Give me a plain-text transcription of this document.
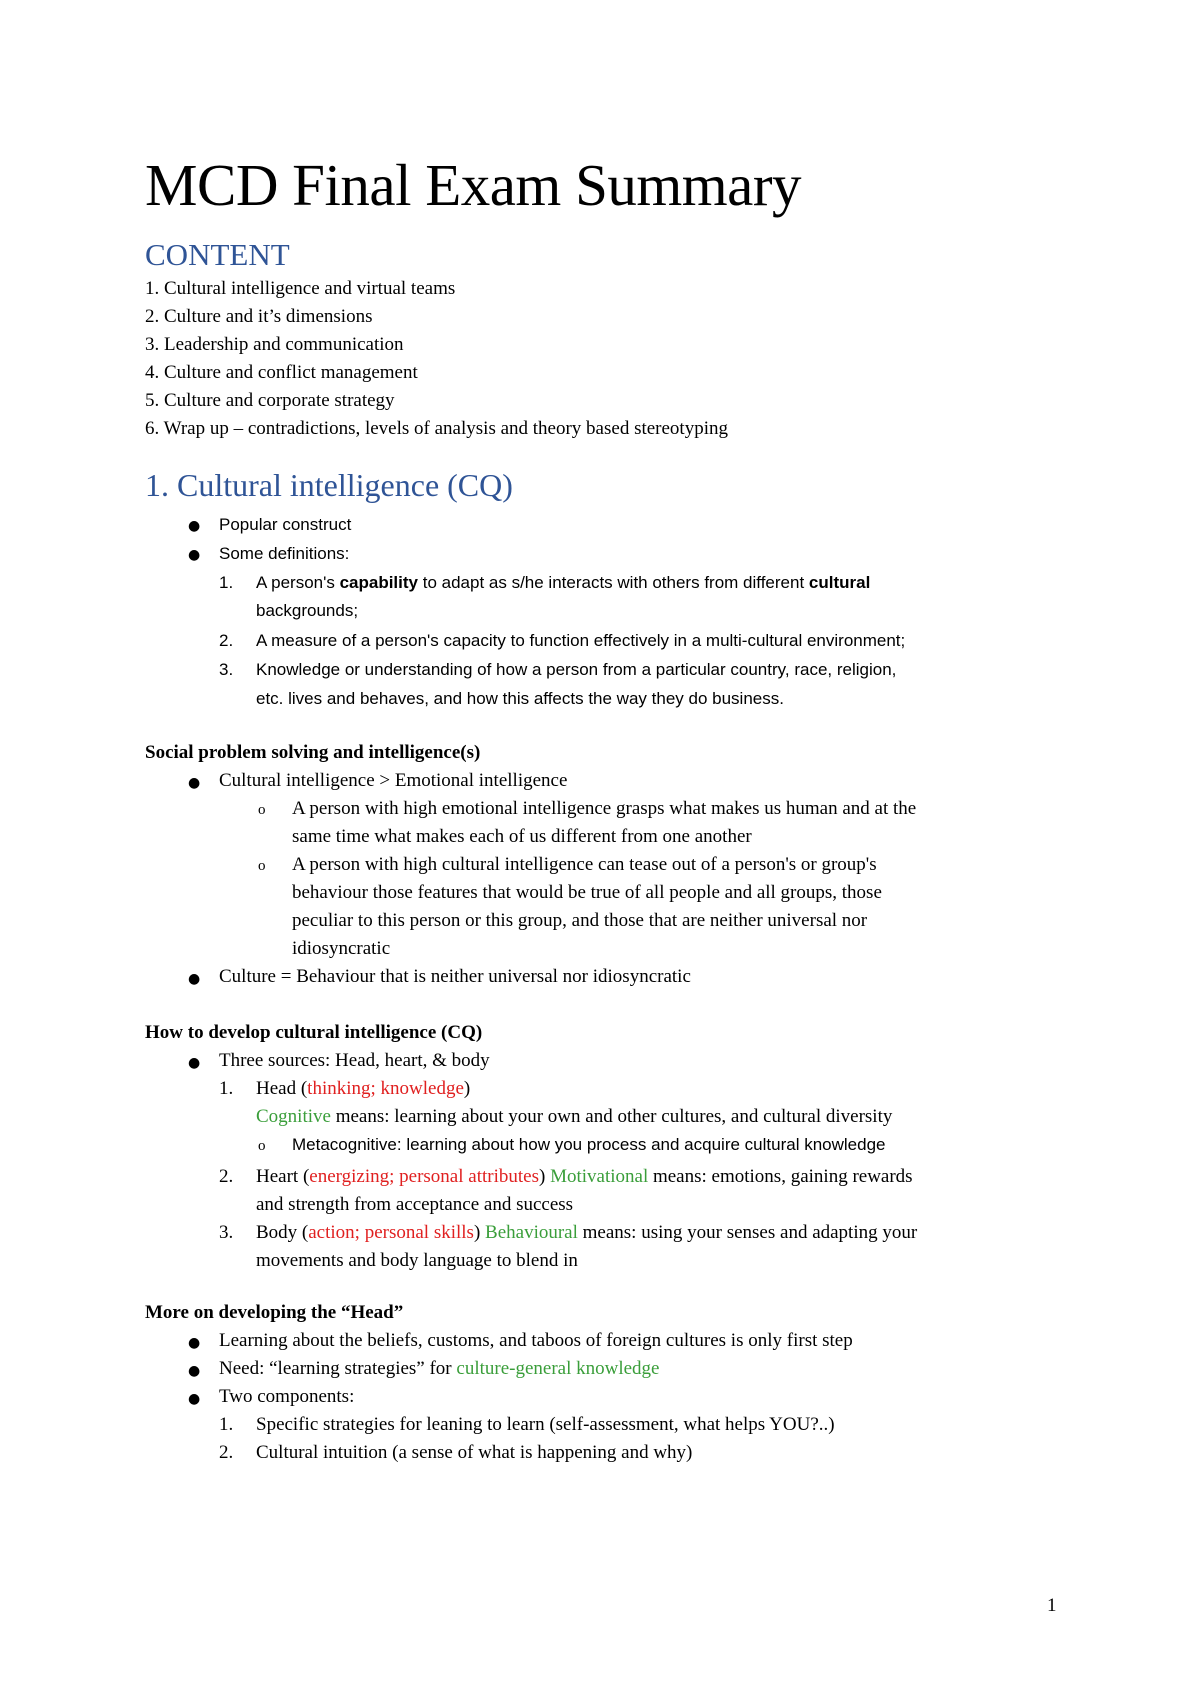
MCD Final Exam Summary
CONTENT
1. Cultural intelligence and virtual teams
2. Culture and it’s dimensions
3. Leadership and communication
4. Culture and conflict management
5. Culture and corporate strategy
6. Wrap up – contradictions, levels of analysis and theory based stereotyping
1. Cultural intelligence (CQ)
● Popular construct
● Some definitions:
1. A person's capability to adapt as s/he interacts with others from different cultural
backgrounds;
2. A measure of a person's capacity to function effectively in a multi-cultural environment;
3. Knowledge or understanding of how a person from a particular country, race, religion,
etc. lives and behaves, and how this affects the way they do business.
Social problem solving and intelligence(s)
● Cultural intelligence > Emotional intelligence
o A person with high emotional intelligence grasps what makes us human and at the
same time what makes each of us different from one another
o A person with high cultural intelligence can tease out of a person's or group's
behaviour those features that would be true of all people and all groups, those
peculiar to this person or this group, and those that are neither universal nor
idiosyncratic
● Culture = Behaviour that is neither universal nor idiosyncratic
How to develop cultural intelligence (CQ)
● Three sources: Head, heart, & body
1. Head (thinking; knowledge)
Cognitive means: learning about your own and other cultures, and cultural diversity
o Metacognitive: learning about how you process and acquire cultural knowledge
2. Heart (energizing; personal attributes) Motivational means: emotions, gaining rewards
and strength from acceptance and success
3. Body (action; personal skills) Behavioural means: using your senses and adapting your
movements and body language to blend in
More on developing the “Head”
● Learning about the beliefs, customs, and taboos of foreign cultures is only first step
● Need: “learning strategies” for culture-general knowledge
● Two components:
1. Specific strategies for leaning to learn (self-assessment, what helps YOU?..)
2. Cultural intuition (a sense of what is happening and why)
1
